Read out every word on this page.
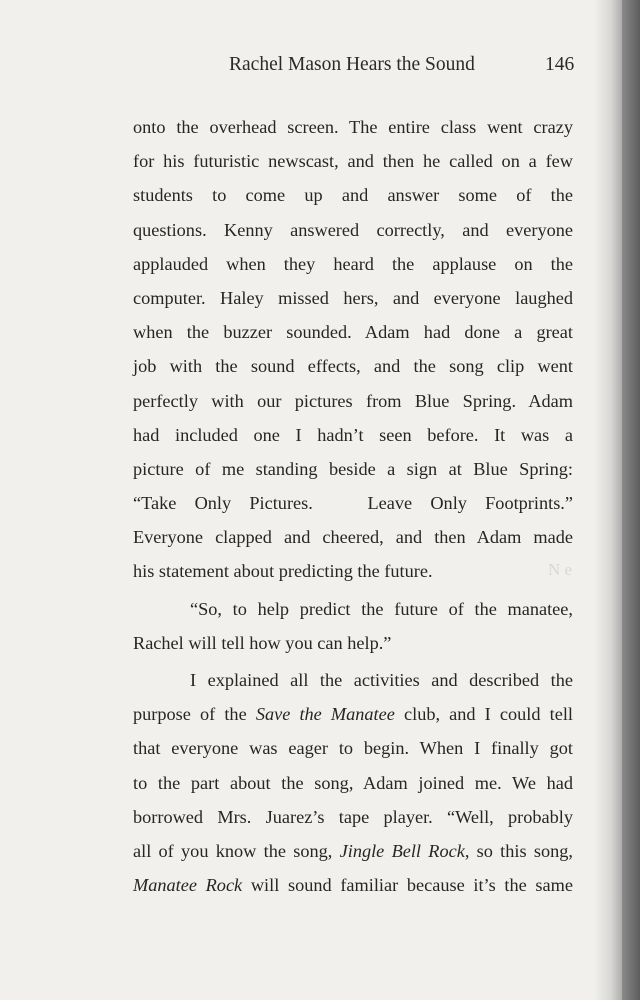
N e
Rachel Mason Hears the Sound	146
onto the overhead screen. The entire class went crazy
for his futuristic newscast, and then he called on a few
students to come up and answer some of the
questions. Kenny answered correctly, and everyone
applauded when they heard the applause on the
computer. Haley missed hers, and everyone laughed
when the buzzer sounded. Adam had done a great
job with the sound effects, and the song clip went
perfectly with our pictures from Blue Spring. Adam
had included one I hadn’t seen before. It was a
picture of me standing beside a sign at Blue Spring:
“Take Only Pictures.   Leave Only Footprints.”
Everyone clapped and cheered, and then Adam made
his statement about predicting the future.
“So, to help predict the future of the manatee,
Rachel will tell how you can help.”
I explained all the activities and described the
purpose of the Save the Manatee club, and I could tell
that everyone was eager to begin. When I finally got
to the part about the song, Adam joined me. We had
borrowed Mrs. Juarez’s tape player. “Well, probably
all of you know the song, Jingle Bell Rock, so this song,
Manatee Rock will sound familiar because it’s the same
